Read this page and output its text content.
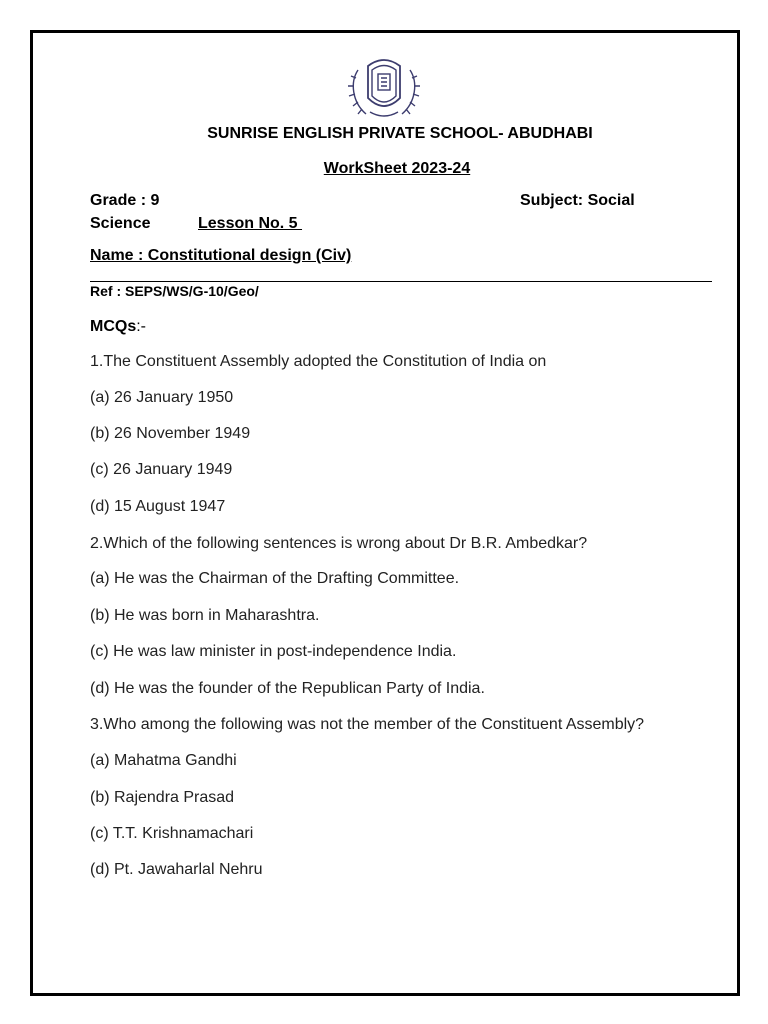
SUNRISE ENGLISH PRIVATE SCHOOL- ABUDHABI
WorkSheet 2023-24
Grade : 9	Subject: Social
Science	Lesson No. 5
Name : Constitutional design (Civ)
Ref : SEPS/WS/G-10/Geo/
MCQs:-
1.The Constituent Assembly adopted the Constitution of India on
(a) 26 January 1950
(b) 26 November 1949
(c) 26 January 1949
(d) 15 August 1947
2.Which of the following sentences is wrong about Dr B.R. Ambedkar?
(a) He was the Chairman of the Drafting Committee.
(b) He was born in Maharashtra.
(c) He was law minister in post-independence India.
(d) He was the founder of the Republican Party of India.
3.Who among the following was not the member of the Constituent Assembly?
(a) Mahatma Gandhi
(b) Rajendra Prasad
(c) T.T. Krishnamachari
(d) Pt. Jawaharlal Nehru
